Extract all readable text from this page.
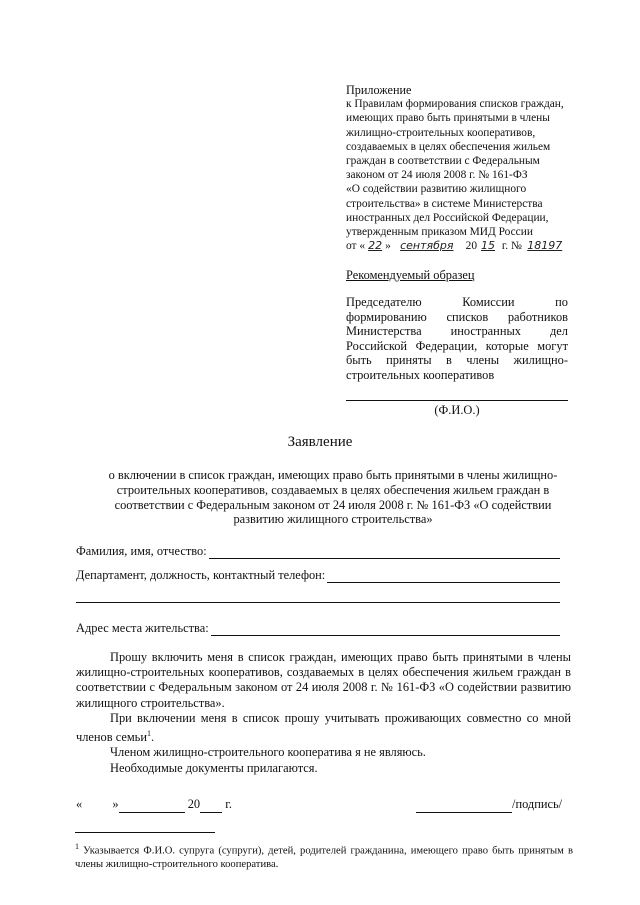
Приложение
к Правилам формирования списков граждан,
имеющих право быть принятыми в члены
жилищно-строительных кооперативов,
создаваемых в целях обеспечения жильем
граждан в соответствии с Федеральным
законом от 24 июля 2008 г. № 161-ФЗ
«О содействии развитию жилищного
строительства» в системе Министерства
иностранных дел Российской Федерации,
утвержденным приказом МИД России
от « 22 » сентября 20 15 г. № 18197
Рекомендуемый образец
Председателю Комиссии по формированию списков работников Министерства иностранных дел Российской Федерации, которые могут быть приняты в члены жилищно-строительных кооперативов
(Ф.И.О.)
Заявление
о включении в список граждан, имеющих право быть принятыми в члены жилищно-
строительных кооперативов, создаваемых в целях обеспечения жильем граждан в
соответствии с Федеральным законом от 24 июля 2008 г. № 161-ФЗ «О содействии
развитию жилищного строительства»
Фамилия, имя, отчество:
Департамент, должность, контактный телефон:
Адрес места жительства:

Прошу включить меня в список граждан, имеющих право быть принятыми в члены жилищно-строительных кооперативов, создаваемых в целях обеспечения жильем граждан в соответствии с Федеральным законом от 24 июля 2008 г. № 161-ФЗ «О содействии развитию жилищного строительства».

При включении меня в список прошу учитывать проживающих совместно со мной членов семьи$^1$.

Членом жилищно-строительного кооператива я не являюсь.

Необходимые документы прилагаются.

« »	20 г.	/подпись/
$^1$ Указывается Ф.И.О. супруга (супруги), детей, родителей гражданина, имеющего право быть принятым в члены жилищно-строительного кооператива.
